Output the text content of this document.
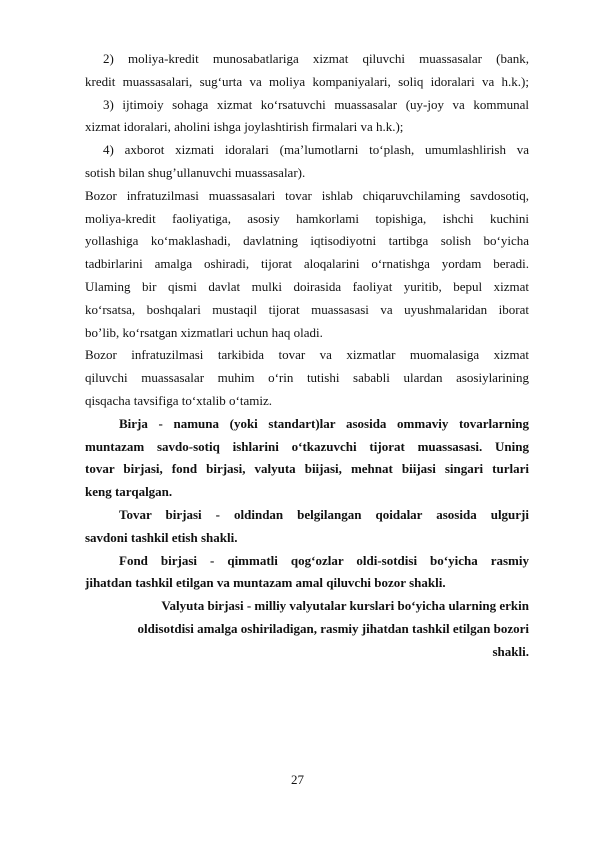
2) moliya-kredit munosabatlariga xizmat qiluvchi muassasalar (bank,
kredit muassasalari, sug‘urta va moliya kompaniyalari, soliq idoralari va h.k.);
3) ijtimoiy sohaga xizmat ko‘rsatuvchi muassasalar (uy-joy va kommunal
xizmat idoralari, aholini ishga joylashtirish firmalari va h.k.);
4) axborot xizmati idoralari (ma’lumotlarni to‘plash, umumlashlirish va
sotish bilan shug’ullanuvchi muassasalar).
Bozor infratuzilmasi muassasalari tovar ishlab chiqaruvchilaming savdosotiq,
moliya-kredit faoliyatiga, asosiy hamkorlami topishiga, ishchi kuchini
yollashiga ko‘maklashadi, davlatning iqtisodiyotni tartibga solish bo‘yicha
tadbirlarini amalga oshiradi, tijorat aloqalarini o‘rnatishga yordam beradi.
Ulaming bir qismi davlat mulki doirasida faoliyat yuritib, bepul xizmat
ko‘rsatsa, boshqalari mustaqil tijorat muassasasi va uyushmalaridan iborat
bo’lib, ko‘rsatgan xizmatlari uchun haq oladi.
Bozor infratuzilmasi tarkibida tovar va xizmatlar muomalasiga xizmat
qiluvchi muassasalar muhim o‘rin tutishi sababli ulardan asosiylarining
qisqacha tavsifiga to‘xtalib o‘tamiz.
Birja - namuna (yoki standart)lar asosida ommaviy tovarlarning
muntazam savdo-sotiq ishlarini o‘tkazuvchi tijorat muassasasi. Uning
tovar birjasi, fond birjasi, valyuta biijasi, mehnat biijasi singari turlari
keng tarqalgan.
Tovar birjasi - oldindan belgilangan qoidalar asosida ulgurji
savdoni tashkil etish shakli.
Fond birjasi - qimmatli qog‘ozlar oldi-sotdisi bo‘yicha rasmiy
jihatdan tashkil etilgan va muntazam amal qiluvchi bozor shakli.
Valyuta birjasi - milliy valyutalar kurslari bo‘yicha ularning erkin
oldisotdisi amalga oshiriladigan, rasmiy jihatdan tashkil etilgan bozori
shakli.
27
